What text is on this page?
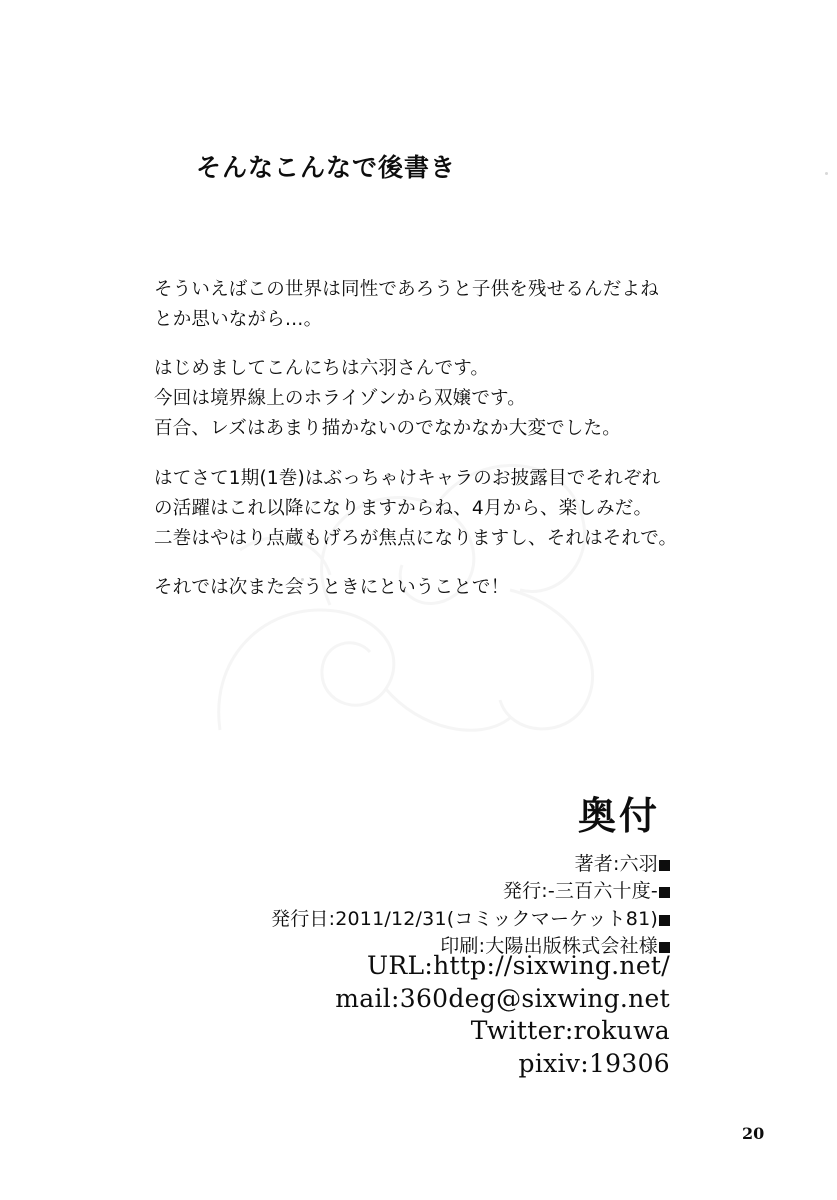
そんなこんなで後書き

そういえばこの世界は同性であろうと子供を残せるんだよね
とか思いながら…。

はじめましてこんにちは六羽さんです。
今回は境界線上のホライゾンから双嬢です。
百合、レズはあまり描かないのでなかなか大変でした。

はてさて1期(1巻)はぶっちゃけキャラのお披露目でそれぞれ
の活躍はこれ以降になりますからね、4月から、楽しみだ。
二巻はやはり点蔵もげろが焦点になりますし、それはそれで。

それでは次また会うときにということで！

奥付
著者:六羽
発行:-三百六十度-
発行日:2011/12/31(コミックマーケット81)
印刷:大陽出版株式会社様
URL:http://sixwing.net/
mail:360deg@sixwing.net
Twitter:rokuwa
pixiv:19306
20
